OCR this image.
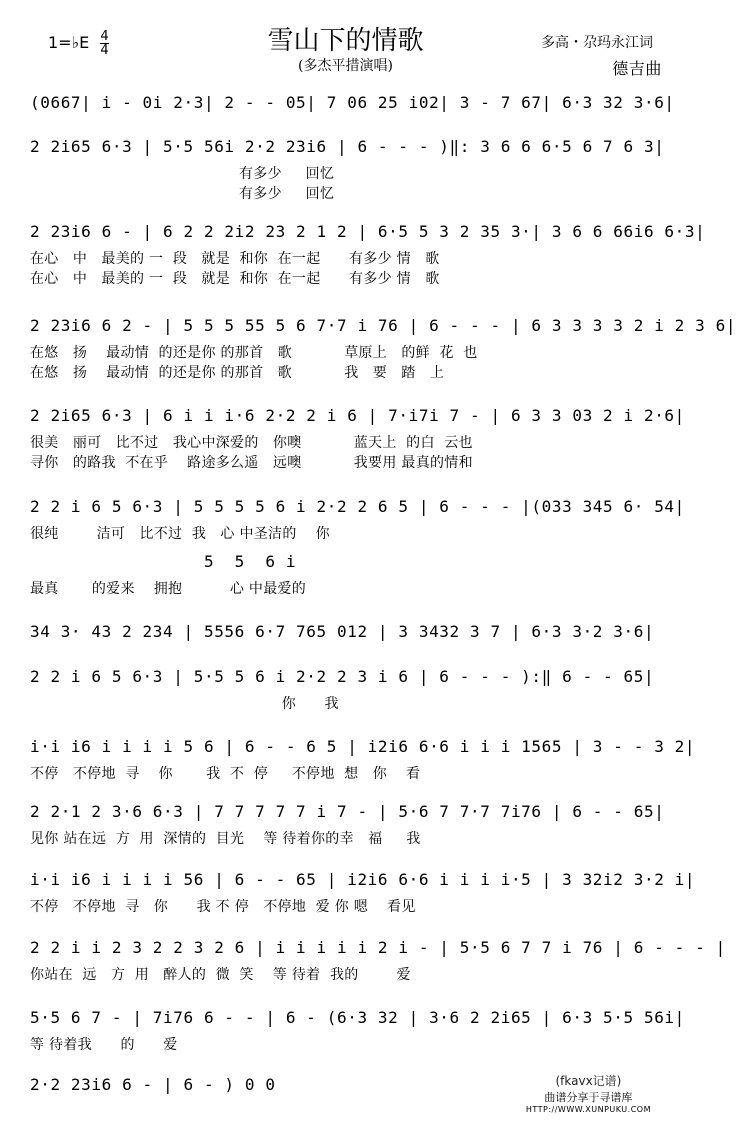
1=♭E $\frac{4}{4}$	雪山下的情歌
(多杰平措演唱)
多高・尕玛永江词
德吉曲
(0667| i - 0i 2·3| 2 - - 05| 7 06 25 i02| 3 - 7 67| 6·3 32 3·6|
2 2i65 6·3 | 5·5 56i 2·2 23i6 | 6 - - - )‖: 3 6 6 6·5 6 7 6 3|
有多少     回忆
有多少     回忆
2 23i6 6 - | 6 2 2 2i2 23 2 1 2 | 6·5 5 3 2 35 3·| 3 6 6 66i6 6·3|
在心   中   最美的 一  段   就是  和你  在一起      有多少 情   歌
在心   中   最美的 一  段   就是  和你  在一起      有多少 情   歌
2 23i6 6 2 - | 5 5 5 55 5 6 7·7 i 76 | 6 - - - | 6 3 3 3 3 2 i 2 3 6|
在悠   扬    最动情  的还是你 的那首   歌           草原上   的鲜  花  也
在悠   扬    最动情  的还是你 的那首   歌           我   要   踏   上
2 2i65 6·3 | 6 i i i·6 2·2 2 i 6 | 7·i7i 7 - | 6 3 3 03 2 i 2·6|
很美   丽可   比不过   我心中深爱的   你噢           蓝天上  的白  云也
寻你   的路我  不在乎    路途多么遥   远噢           我要用 最真的情和
2 2 i 6 5 6·3 | 5 5 5 5 6 i 2·2 2 6 5 | 6 - - - |(033 345 6· 54|
很纯        洁可   比不过  我   心 中圣洁的    你
5  5  6 i
最真       的爱来    拥抱          心 中最爱的
34 3· 43 2 234 | 5556 6·7 765 012 | 3 3432 3 7 | 6·3 3·2 3·6|
2 2 i 6 5 6·3 | 5·5 5 6 i 2·2 2 3 i 6 | 6 - - - ):‖ 6 - - 65|
你      我
i·i i6 i i i i 5 6 | 6 - - 6 5 | i2i6 6·6 i i i 1565 | 3 - - 3 2|
不停   不停地  寻    你       我  不  停     不停地  想   你    看
2 2·1 2 3·6 6·3 | 7 7 7 7 7 i 7 - | 5·6 7 7·7 7i76 | 6 - - 65|
见你 站在远  方  用  深情的  目光    等 待着你的幸   福     我
i·i i6 i i i i 56 | 6 - - 65 | i2i6 6·6 i i i i·5 | 3 32i2 3·2 i|
不停   不停地  寻   你      我 不 停   不停地  爱 你 嗯    看见
2 2 i i 2 3 2 2 3 2 6 | i i i i i 2 i - | 5·5 6 7 7 i 76 | 6 - - - |
你站在  远   方  用   醉人的  微  笑    等 待着  我的        爱
5·5 6 7 - | 7i76 6 - - | 6 - (6·3 32 | 3·6 2 2i65 | 6·3 5·5 56i|
等 待着我      的      爱
2·2 23i6 6 - | 6 - ) 0 0	(fkavx记谱)
曲谱分享于寻谱库
HTTP://WWW.XUNPUKU.COM
